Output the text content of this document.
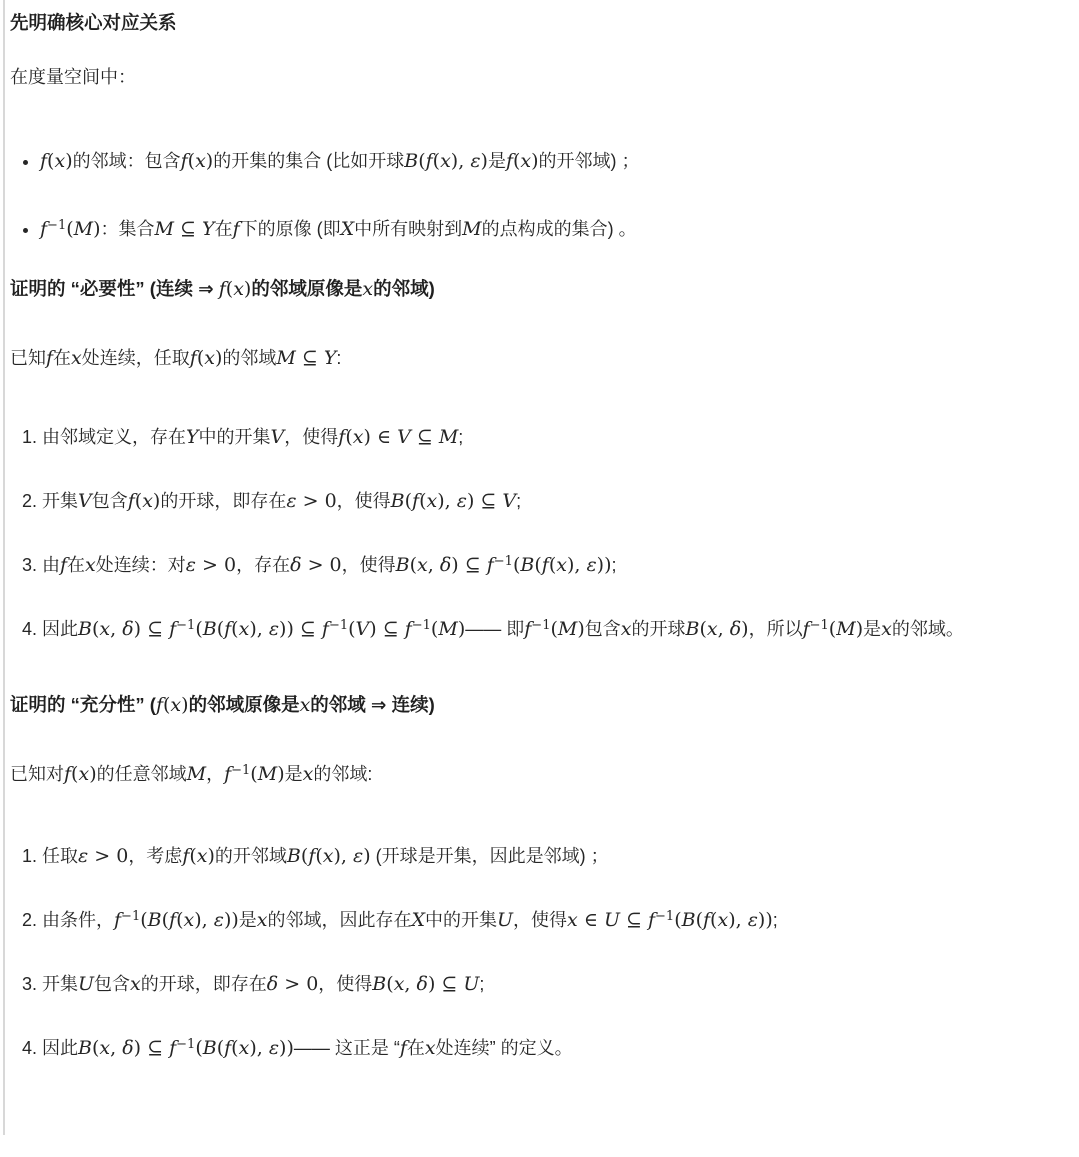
先明确核心对应关系

在度量空间中：

• f(x)的邻域：包含f(x)的开集的集合 (比如开球B(f(x), ε)是f(x)的开邻域) ；
• $f^{-1}(M)$：集合M ⊆ Y在f下的原像 (即X中所有映射到M的点构成的集合) 。
证明的 “必要性” (连续 ⇒ f(x)的邻域原像是x的邻域)

已知f在x处连续，任取f(x)的邻域M ⊆ Y:

1. 由邻域定义，存在Y中的开集V，使得f(x) ∈ V ⊆ M;
2. 开集V包含f(x)的开球，即存在ε > 0，使得B(f(x), ε) ⊆ V;
3. 由f在x处连续：对ε > 0，存在δ > 0，使得B(x, δ) ⊆ $f^{-1}(B(f(x)$, ε));
4. 因此B(x, δ) ⊆ $f^{-1}(B(f(x)$, ε)) ⊆ $f^{-1}(V)$ ⊆ $f^{-1}(M)——$ 即$f^{-1}(M)$包含x的开球B(x, δ)，所以$f^{-1}(M)$是x的邻域。
证明的 “充分性” (f(x)的邻域原像是x的邻域 ⇒ 连续)

已知对f(x)的任意邻域M，$f^{-1}(M)$是x的邻域:

1. 任取ε > 0，考虑f(x)的开邻域B(f(x), ε) (开球是开集，因此是邻域) ；
2. 由条件，$f^{-1}(B(f(x)$, ε))是x的邻域，因此存在X中的开集U，使得x ∈ U ⊆ $f^{-1}(B(f(x)$, ε));
3. 开集U包含x的开球，即存在δ > 0，使得B(x, δ) ⊆ U;
4. 因此B(x, δ) ⊆ $f^{-1}(B(f(x)$, ε))—— 这正是 “f在x处连续” 的定义。
